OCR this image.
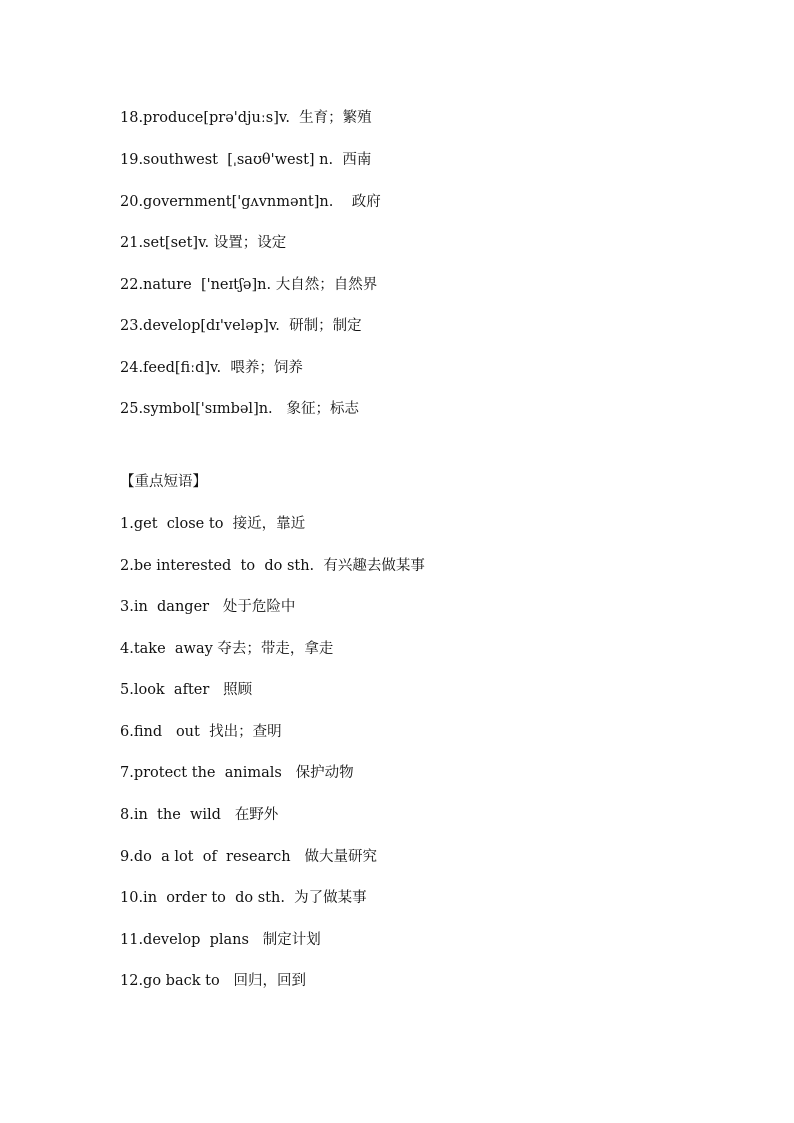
18.produce[prə'djuːs]v.  生育；繁殖
19.southwest  [ˌsaʊθ'west] n.  西南
20.government['gʌvnmənt]n.    政府
21.set[set]v. 设置；设定
22.nature  ['neɪtʃə]n. 大自然；自然界
23.develop[dɪ'veləp]v.  研制；制定
24.feed[fiːd]v.  喂养；饲养
25.symbol['sɪmbəl]n.   象征；标志
【重点短语】
1.get  close to  接近，靠近
2.be interested  to  do sth.  有兴趣去做某事
3.in  danger   处于危险中
4.take  away 夺去；带走，拿走
5.look  after   照顾
6.find   out  找出；查明
7.protect the  animals   保护动物
8.in  the  wild   在野外
9.do  a lot  of  research   做大量研究
10.in  order to  do sth.  为了做某事
11.develop  plans   制定计划
12.go back to   回归，回到
